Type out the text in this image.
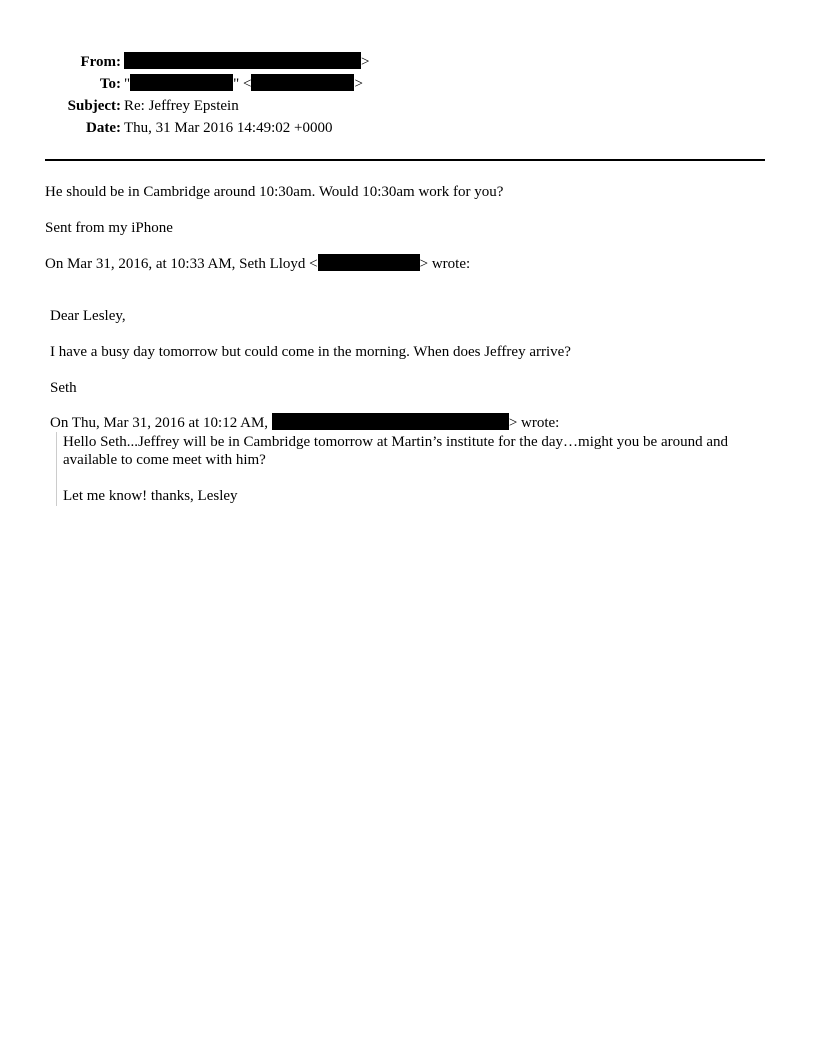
From:	>
To: "	" <	>
Subject: Re: Jeffrey Epstein
Date: Thu, 31 Mar 2016 14:49:02 +0000
He should be in Cambridge around 10:30am. Would 10:30am work for you?
Sent from my iPhone
On Mar 31, 2016, at 10:33 AM, Seth Lloyd <	> wrote:
Dear Lesley,
I have a busy day tomorrow but could come in the morning. When does Jeffrey arrive?
Seth
On Thu, Mar 31, 2016 at 10:12 AM,	> wrote:
Hello Seth...Jeffrey will be in Cambridge tomorrow at Martin’s institute for the day…might you be around and available to come meet with him?
Let me know! thanks, Lesley
